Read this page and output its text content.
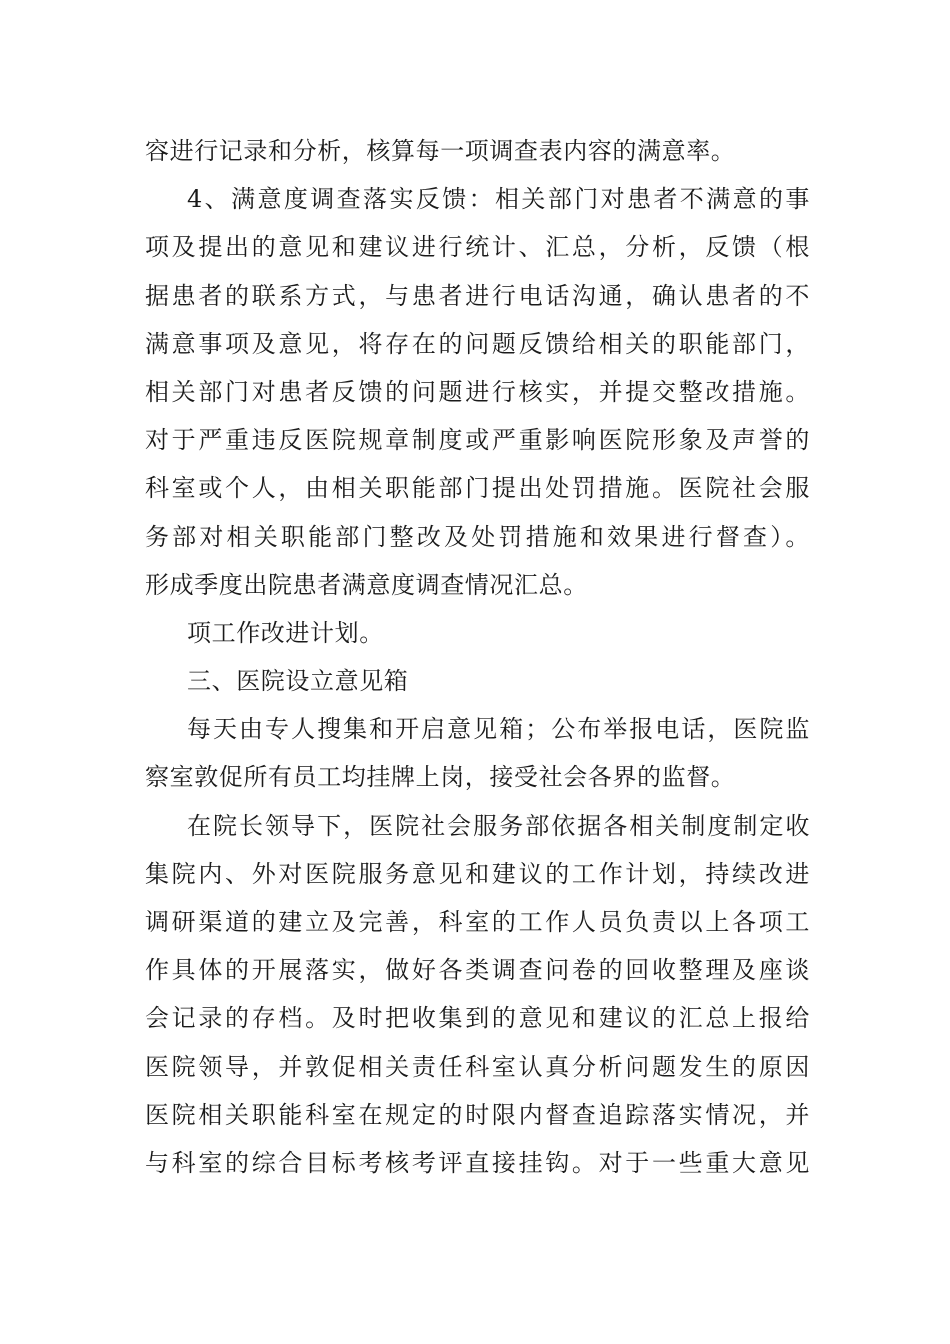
容进行记录和分析，核算每一项调查表内容的满意率。
4、满意度调查落实反馈：相关部门对患者不满意的事
项及提出的意见和建议进行统计、汇总，分析，反馈（根
据患者的联系方式，与患者进行电话沟通，确认患者的不
满意事项及意见，将存在的问题反馈给相关的职能部门，
相关部门对患者反馈的问题进行核实，并提交整改措施。
对于严重违反医院规章制度或严重影响医院形象及声誉的
科室或个人，由相关职能部门提出处罚措施。医院社会服
务部对相关职能部门整改及处罚措施和效果进行督查）。
形成季度出院患者满意度调查情况汇总。
项工作改进计划。
三、医院设立意见箱
每天由专人搜集和开启意见箱；公布举报电话，医院监
察室敦促所有员工均挂牌上岗，接受社会各界的监督。
在院长领导下，医院社会服务部依据各相关制度制定收
集院内、外对医院服务意见和建议的工作计划，持续改进
调研渠道的建立及完善，科室的工作人员负责以上各项工
作具体的开展落实，做好各类调查问卷的回收整理及座谈
会记录的存档。及时把收集到的意见和建议的汇总上报给
医院领导，并敦促相关责任科室认真分析问题发生的原因
医院相关职能科室在规定的时限内督查追踪落实情况，并
与科室的综合目标考核考评直接挂钩。对于一些重大意见
